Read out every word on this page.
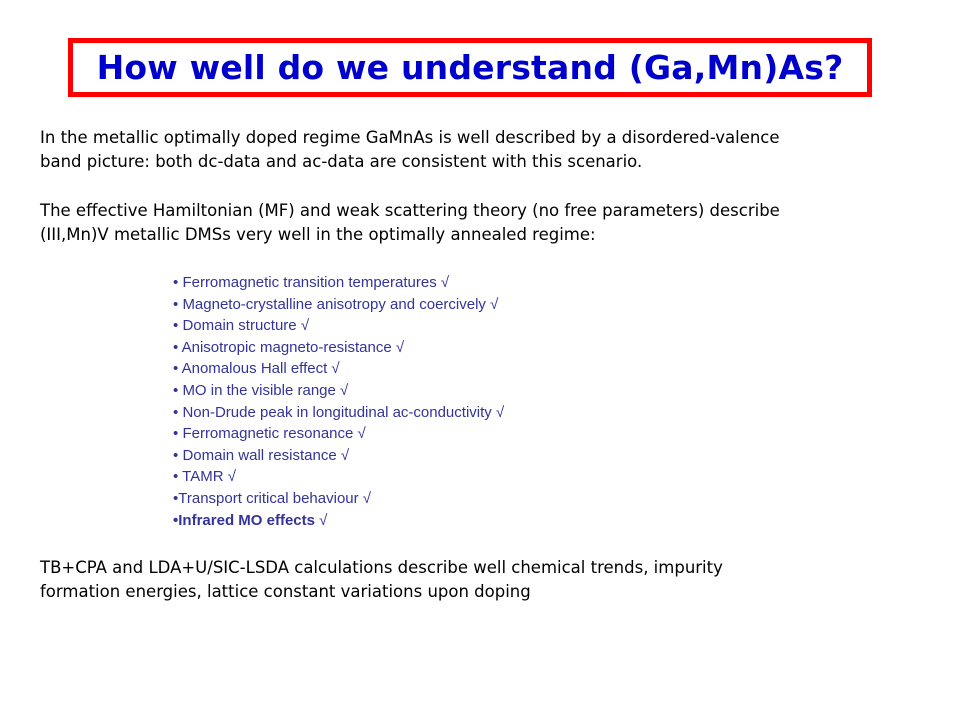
How well do we understand (Ga,Mn)As?

In the metallic optimally doped regime GaMnAs is well described by a disordered-valence
band picture: both dc-data and ac-data are consistent with this scenario.

The effective Hamiltonian (MF) and weak scattering theory (no free parameters) describe
(III,Mn)V metallic DMSs very well in the optimally annealed regime:

• Ferromagnetic transition temperatures √
• Magneto-crystalline anisotropy and coercively √
• Domain structure √
• Anisotropic magneto-resistance √
• Anomalous Hall effect √
• MO in the visible range √
• Non-Drude peak in longitudinal ac-conductivity √
• Ferromagnetic resonance √
• Domain wall resistance √
• TAMR √
•Transport critical behaviour √
•Infrared MO effects √

TB+CPA and LDA+U/SIC-LSDA calculations describe well chemical trends, impurity
formation energies, lattice constant variations upon doping
